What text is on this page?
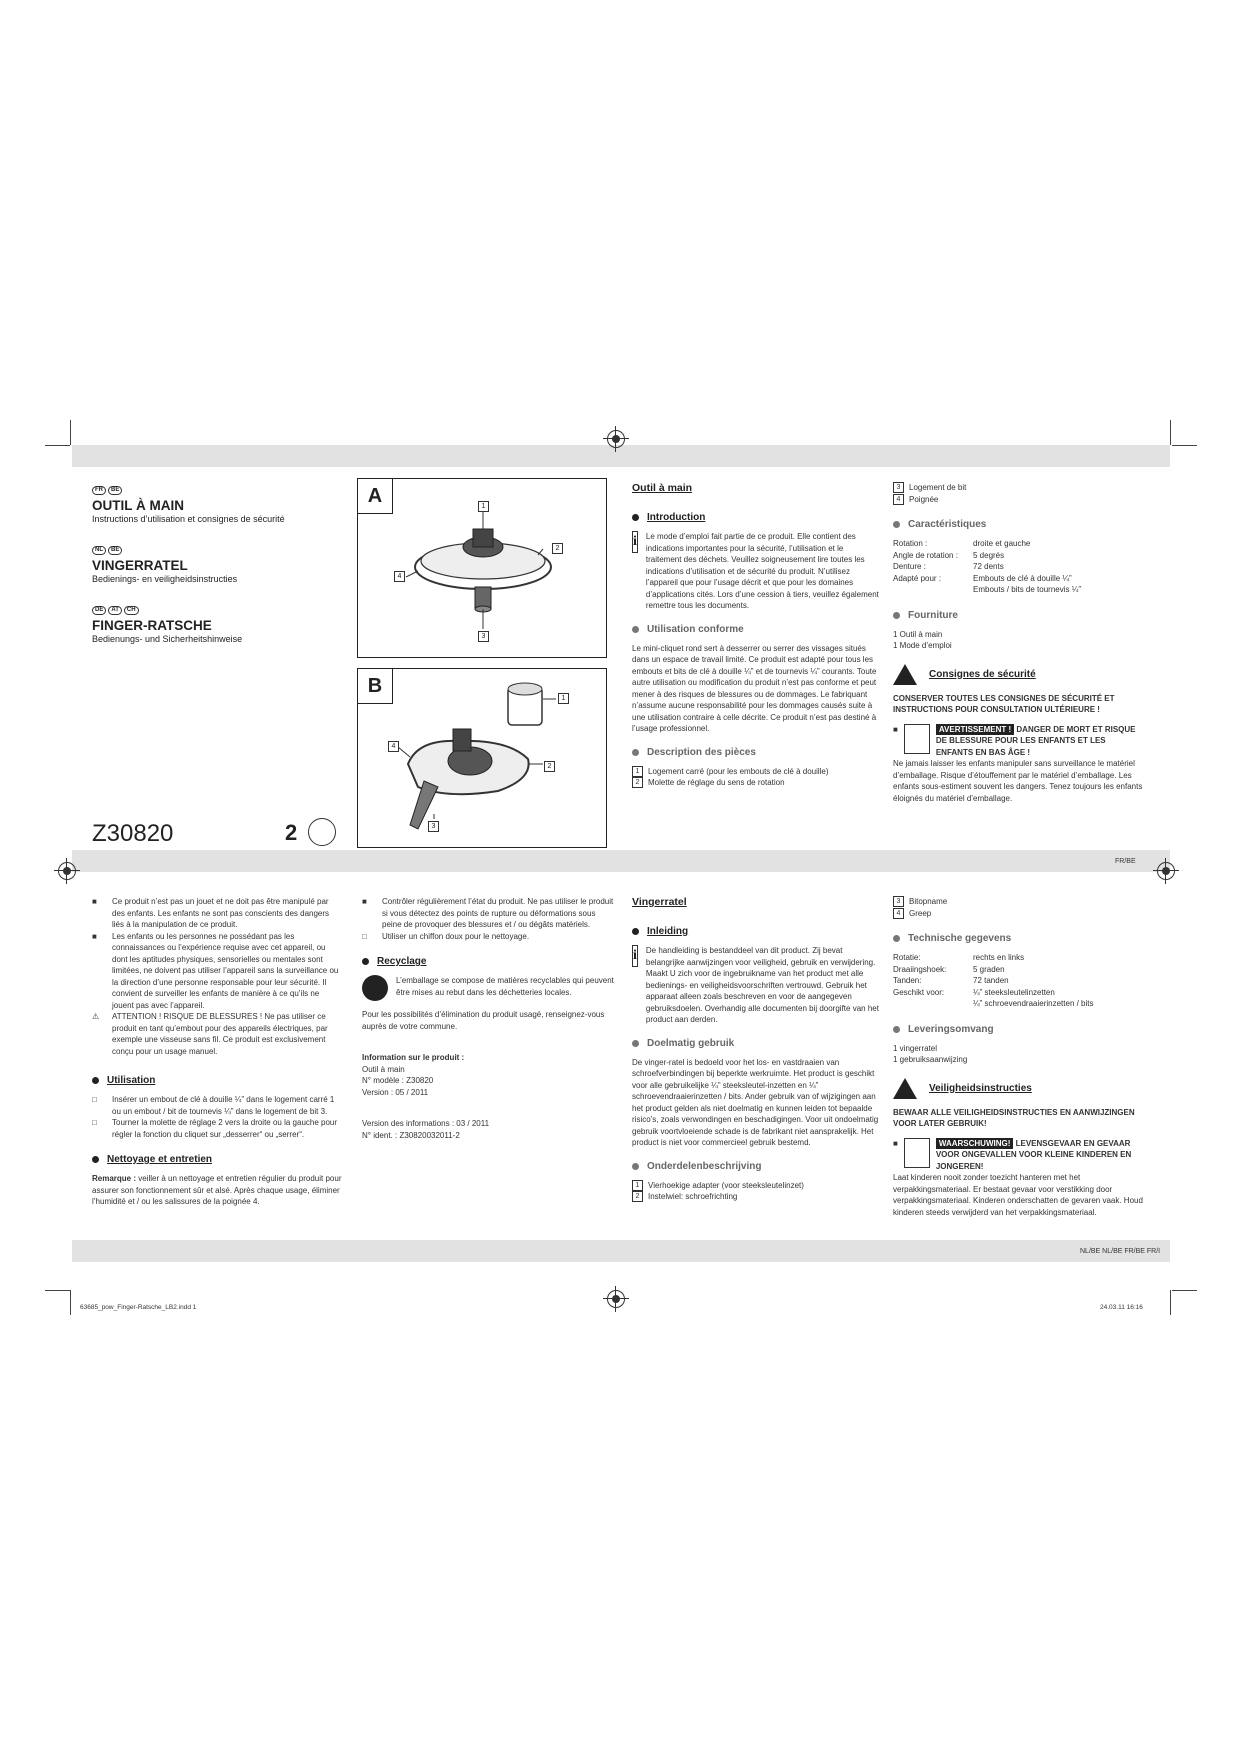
FR BE
OUTIL À MAIN
Instructions d’utilisation et consignes de sécurité
NL BE
VINGERRATEL
Bedienings- en veiligheidsinstructies
DE AT CH
FINGER-RATSCHE
Bedienungs- und Sicherheitshinweise
Z30820	2
A	1
2
3
4
B
1
2
3
4
Outil à main
Introduction
i Le mode d’emploi fait partie de ce produit. Elle contient des indications importantes pour la sécurité, l’utilisation et le traitement des déchets. Veuillez soigneusement lire toutes les indications d’utilisation et de sécurité du produit. N’utilisez l’appareil que pour l’usage décrit et que pour les domaines d’applications cités. Lors d’une cession à tiers, veuillez également remettre tous les documents.
Utilisation conforme
Le mini-cliquet rond sert à desserrer ou serrer des vissages situés dans un espace de travail limité. Ce produit est adapté pour tous les embouts et bits de clé à douille ¼” et de tournevis ¼” courants. Toute autre utilisation ou modification du produit n’est pas conforme et peut mener à des risques de blessures ou de dommages. Le fabriquant n’assume aucune responsabilité pour les dommages causés suite à une utilisation contraire à celle décrite. Ce produit n’est pas destiné à l’usage professionnel.
Description des pièces
1 Logement carré (pour les embouts de clé à douille)
2 Molette de réglage du sens de rotation
3 Logement de bit
4 Poignée
Caractéristiques
Rotation :	droite et gauche
Angle de rotation :	5 degrés
Denture :	72 dents
Adapté pour :	Embouts de clé à douille ¼”
Embouts / bits de tournevis ¼”
Fourniture
1 Outil à main
1 Mode d’emploi
Consignes de sécurité
CONSERVER TOUTES LES CONSIGNES DE SÉCURITÉ ET INSTRUCTIONS POUR CONSULTATION ULTÉRIEURE !
■	AVERTISSEMENT ! DANGER DE MORT ET RISQUE DE BLESSURE POUR LES ENFANTS ET LES ENFANTS EN BAS ÂGE !
Ne jamais laisser les enfants manipuler sans surveillance le matériel d’emballage. Risque d’étouffement par le matériel d’emballage. Les enfants sous-estiment souvent les dangers. Tenez toujours les enfants éloignés du matériel d’emballage.
FR/BE
■	Ce produit n’est pas un jouet et ne doit pas être manipulé par des enfants. Les enfants ne sont pas conscients des dangers liés à la manipulation de ce produit.
■	Les enfants ou les personnes ne possédant pas les connaissances ou l’expérience requise avec cet appareil, ou dont les aptitudes physiques, sensorielles ou mentales sont limitées, ne doivent pas utiliser l’appareil sans la surveillance ou la direction d’une personne responsable pour leur sécurité. Il convient de surveiller les enfants de manière à ce qu’ils ne jouent pas avec l’appareil.
⚠	ATTENTION ! RISQUE DE BLESSURES ! Ne pas utiliser ce produit en tant qu’embout pour des appareils électriques, par exemple une visseuse sans fil. Ce produit est exclusivement conçu pour un usage manuel.
Utilisation
□	Insérer un embout de clé à douille ¼” dans le logement carré 1 ou un embout / bit de tournevis ¼” dans le logement de bit 3.
□	Tourner la molette de réglage 2 vers la droite ou la gauche pour régler la fonction du cliquet sur „desserrer“ ou „serrer“.
Nettoyage et entretien
Remarque : veiller à un nettoyage et entretien régulier du produit pour assurer son fonctionnement sûr et alsé. Après chaque usage, éliminer l’humidité et / ou les salissures de la poignée 4.
■	Contrôler régulièrement l’état du produit. Ne pas utiliser le produit si vous détectez des points de rupture ou déformations sous peine de provoquer des blessures et / ou dégâts matériels.
□	Utiliser un chiffon doux pour le nettoyage.
Recyclage
L’emballage se compose de matières recyclables qui peuvent être mises au rebut dans les déchetteries locales.
Pour les possibilités d’élimination du produit usagé, renseignez-vous auprès de votre commune.
Information sur le produit :
Outil à main
N° modèle : Z30820
Version : 05 / 2011
Version des informations : 03 / 2011
N° ident. : Z30820032011-2
Vingerratel
Inleiding
i De handleiding is bestanddeel van dit product. Zij bevat belangrijke aanwijzingen voor veiligheid, gebruik en verwijdering. Maakt U zich voor de ingebruikname van het product met alle bedienings- en veiligheidsvoorschriften vertrouwd. Gebruik het apparaat alleen zoals beschreven en voor de aangegeven gebruiksdoelen. Overhandig alle documenten bij doorgifte van het product aan derden.
Doelmatig gebruik
De vinger-ratel is bedoeld voor het los- en vastdraaien van schroefverbindingen bij beperkte werkruimte. Het product is geschikt voor alle gebruikelijke ¼” steeksleutel-inzetten en ¼” schroevendraaierinzetten / bits. Ander gebruik van of wijzigingen aan het product gelden als niet doelmatig en kunnen leiden tot bepaalde risico’s, zoals verwondingen en beschadigingen. Voor uit ondoelmatig gebruik voortvloeiende schade is de fabrikant niet aansprakelijk. Het product is niet voor commercieel gebruik bestemd.
Onderdelenbeschrijving
1 Vierhoekige adapter (voor steeksleutelinzet)
2 Instelwiel: schroefrichting
3 Bitopname
4 Greep
Technische gegevens
Rotatie:	rechts en links
Draaiingshoek:	5 graden
Tanden:	72 tanden
Geschikt voor:	¼” steeksleutelinzetten
¼” schroevendraaierinzetten / bits
Leveringsomvang
1 vingerratel
1 gebruiksaanwijzing
Veiligheidsinstructies
BEWAAR ALLE VEILIGHEIDSINSTRUCTIES EN AANWIJZINGEN VOOR LATER GEBRUIK!
■	WAARSCHUWING! LEVENSGEVAAR EN GEVAAR VOOR ONGEVALLEN VOOR KLEINE KINDEREN EN JONGEREN!
Laat kinderen nooit zonder toezicht hanteren met het verpakkingsmateriaal. Er bestaat gevaar voor verstikking door verpakkingsmateriaal. Kinderen onderschatten de gevaren vaak. Houd kinderen steeds verwijderd van het verpakkingsmateriaal.
NL/BE NL/BE FR/BE FR/I
63685_pow_Finger-Ratsche_LB2.indd 1	24.03.11 16:16
